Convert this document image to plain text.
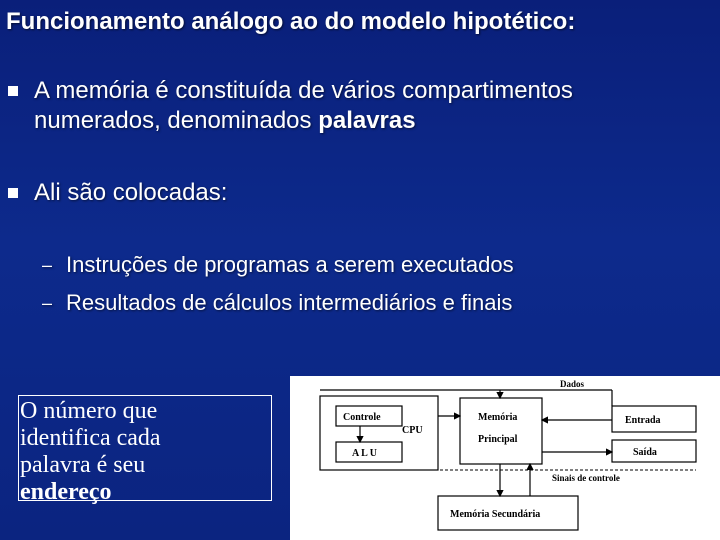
Funcionamento análogo ao do modelo hipotético:
A memória é constituída de vários compartimentos
numerados, denominados palavras
Ali são colocadas:
– Instruções de programas a serem executados
– Resultados de cálculos intermediários e finais
O número que
identifica cada
palavra é seu
endereço
CPU
Controle
A L U
Memória
Principal
Entrada
Saída
Dados
Sinais de controle
Memória Secundária
